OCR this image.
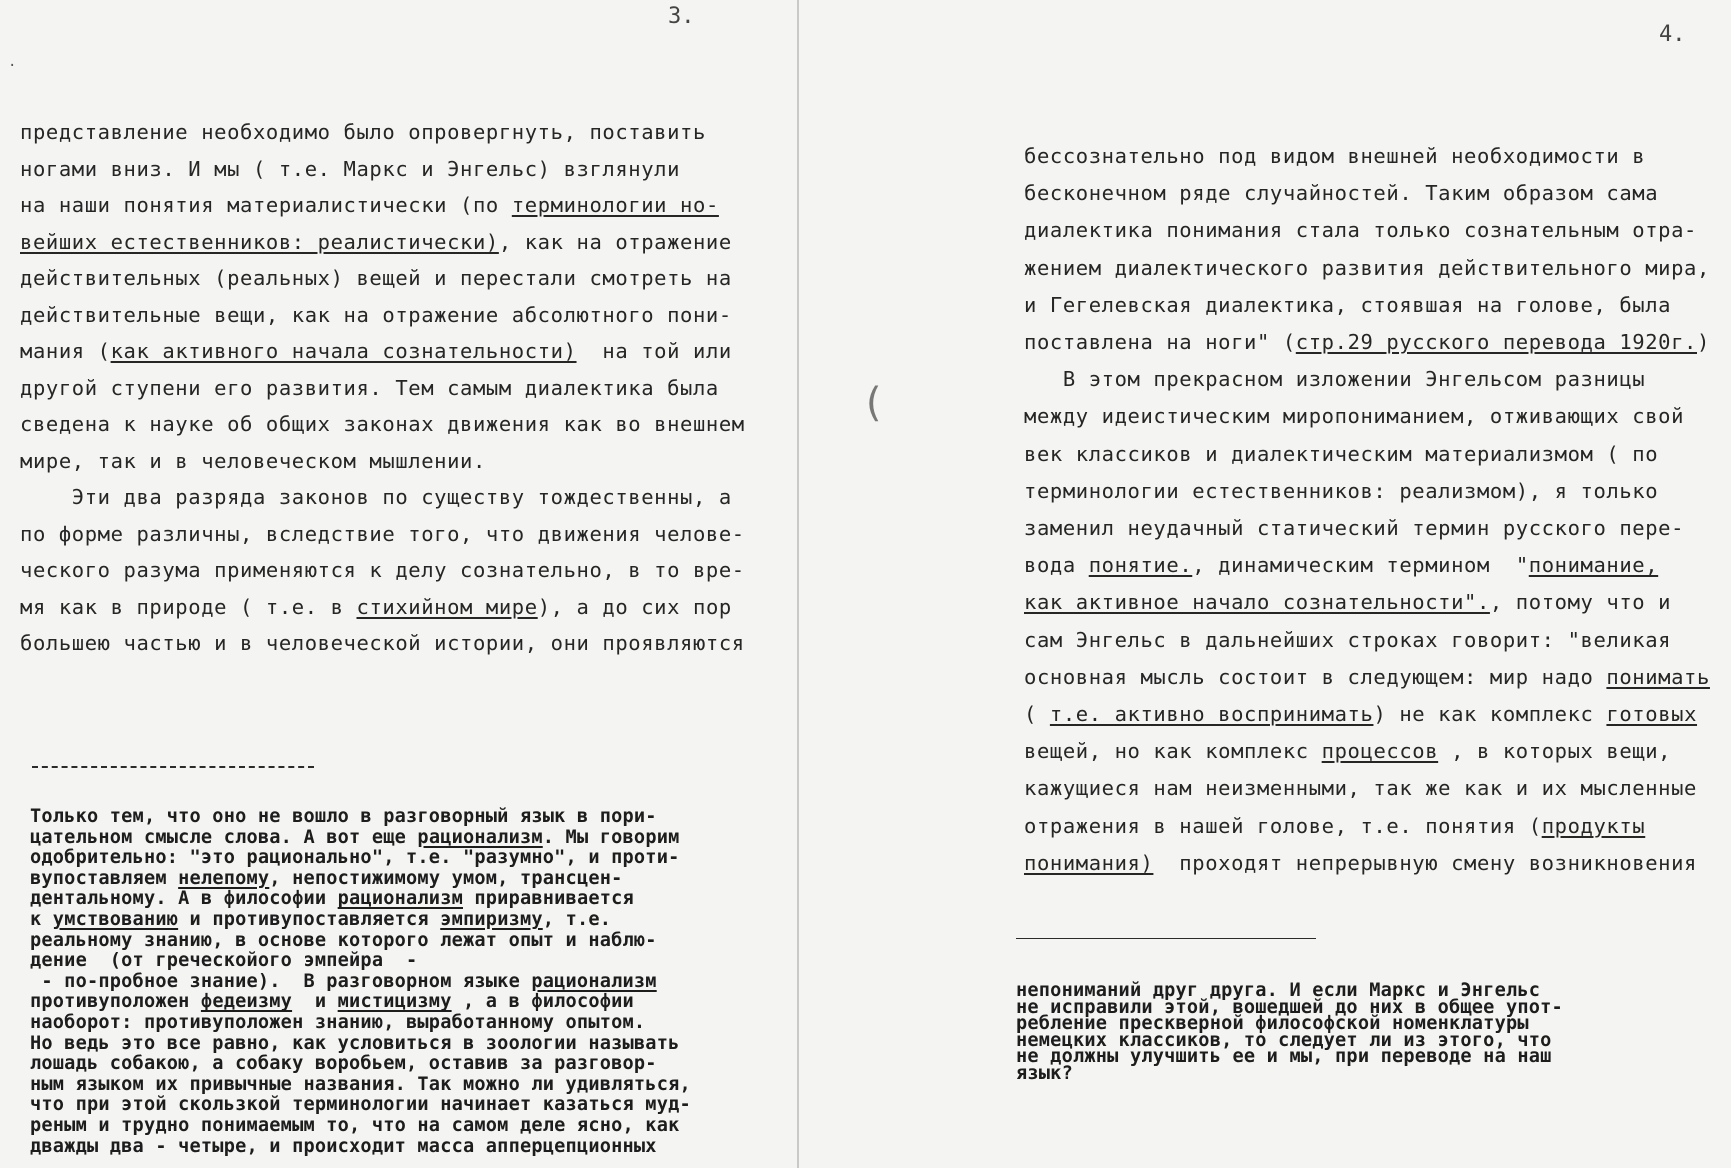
3.
представление необходимо было опровергнуть, поставить
ногами вниз. И мы ( т.е. Маркс и Энгельс) взглянули
на наши понятия материалистически (по терминологии но-
вейших естественников: реалистически), как на отражение
действительных (реальных) вещей и перестали смотреть на
действительные вещи, как на отражение абсолютного пони-
мания (как активного начала сознательности)  на той или
другой ступени его развития. Тем самым диалектика была
сведена к науке об общих законах движения как во внешнем
мире, так и в человеческом мышлении.
Эти два разряда законов по существу тождественны, а
по форме различны, вследствие того, что движения челове-
ческого разума применяются к делу сознательно, в то вре-
мя как в природе ( т.е. в стихийном мире), а до сих пор
большею частью и в человеческой истории, они проявляются
Только тем, что оно не вошло в разговорный язык в пори-
цательном смысле слова. А вот еще рационализм. Мы говорим
одобрительно: "это рационально", т.е. "разумно", и проти-
вупоставляем нелепому, непостижимому умом, трансцен-
дентальному. А в философии рационализм приравнивается
к умствованию и противупоставляется эмпиризму, т.е.
реальному знанию, в основе которого лежат опыт и наблю-
дение  (от греческойого эмпейра  -
- по-пробное знание).  В разговорном языке рационализм
противуположен федеизму  и мистицизму , а в философии
наоборот: противуположен знанию, выработанному опытом.
Но ведь это все равно, как условиться в зоологии называть
лошадь собакою, а собаку воробьем, оставив за разговор-
ным языком их привычные названия. Так можно ли удивляться,
что при этой скользкой терминологии начинает казаться муд-
реным и трудно понимаемым то, что на самом деле ясно, как
дважды два - четыре, и происходит масса апперцепционных
·
4.
бессознательно под видом внешней необходимости в
бесконечном ряде случайностей. Таким образом сама
диалектика понимания стала только сознательным отра-
жением диалектического развития действительного мира,
и Гегелевская диалектика, стоявшая на голове, была
поставлена на ноги" (стр.29 русского перевода 1920г.)
В этом прекрасном изложении Энгельсом разницы
между идеистическим миропониманием, отживающих свой
век классиков и диалектическим материализмом ( по
терминологии естественников: реализмом), я только
заменил неудачный статический термин русского пере-
вода понятие., динамическим термином  "понимание,
как активное начало сознательности"., потому что и
сам Энгельс в дальнейших строках говорит: "великая
основная мысль состоит в следующем: мир надо понимать
( т.е. активно воспринимать) не как комплекс готовых
вещей, но как комплекс процессов , в которых вещи,
кажущиеся нам неизменными, так же как и их мысленные
отражения в нашей голове, т.е. понятия (продукты
понимания)  проходят непрерывную смену возникновения
непониманий друг друга. И если Маркс и Энгельс
не исправили этой, вошедшей до них в общее упот-
ребление прескверной философской номенклатуры
немецких классиков, то следует ли из этого, что
не должны улучшить ее и мы, при переводе на наш
язык?
(
